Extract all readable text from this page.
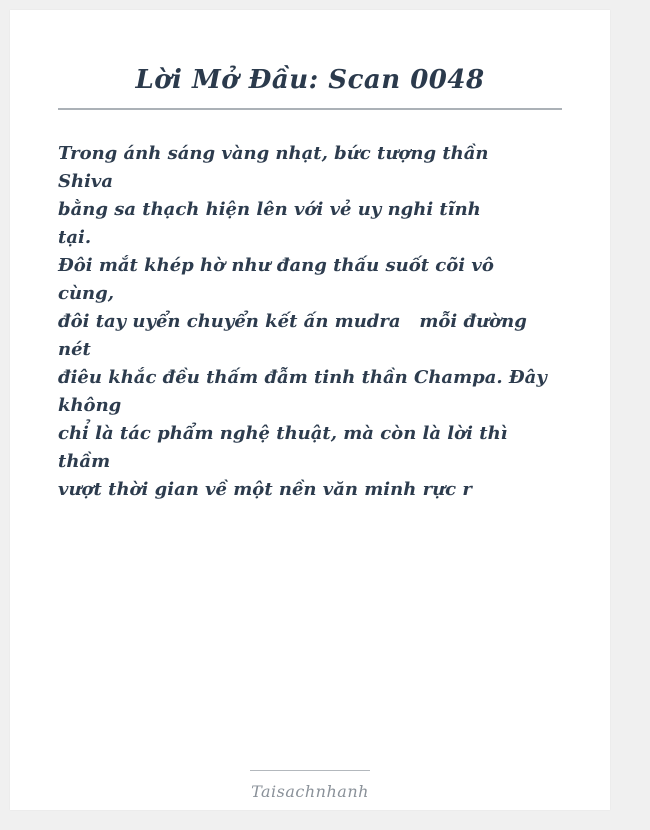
Lời Mở Đầu: Scan 0048
Trong ánh sáng vàng nhạt, bức tượng thần
Shiva
bằng sa thạch hiện lên với vẻ uy nghi tĩnh
tại.
Đôi mắt khép hờ như đang thấu suốt cõi vô
cùng,
đôi tay uyển chuyển kết ấn mudra   mỗi đường
nét
điêu khắc đều thấm đẫm tinh thần Champa. Đây
không
chỉ là tác phẩm nghệ thuật, mà còn là lời thì
thầm
vượt thời gian về một nền văn minh rực r
Taisachnhanh
